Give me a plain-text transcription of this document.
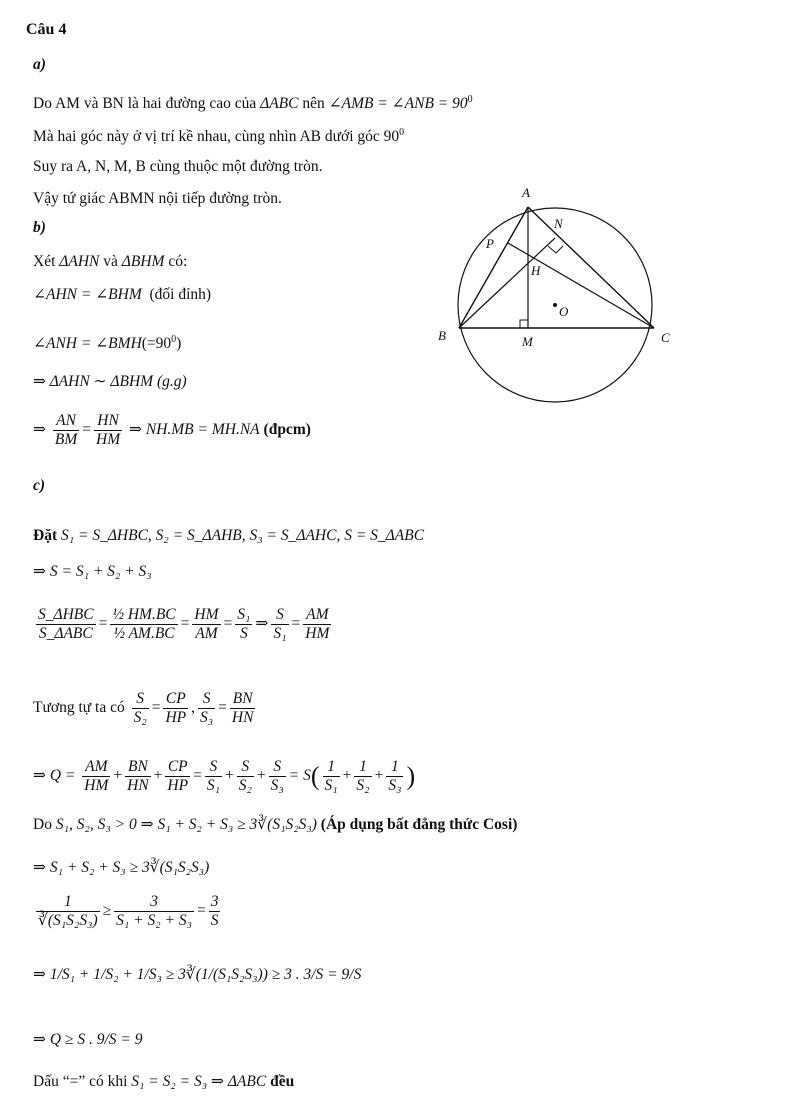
Câu 4
a)
Do AM và BN là hai đường cao của ΔABC nên ∠AMB = ∠ANB = $90^0$
Mà hai góc này ở vị trí kề nhau, cùng nhìn AB dưới góc $90^0$
Suy ra A, N, M, B cùng thuộc một đường tròn.
Vậy tứ giác ABMN nội tiếp đường tròn.
b)
Xét ΔAHN và ΔBHM có:
∠AHN = ∠BHM (đối đỉnh)
∠ANH = $\angle BMH(=90^0)$
⇒ ΔAHN ∼ ΔBHM (g.g)
⇒ $\frac{AN}{BM} = \frac{HN}{HM}$ ⇒ NH.MB = MH.NA (đpcm)
c)
Đặt S₁ = S_ΔHBC, S₂ = S_ΔAHB, S₃ = S_ΔAHC, S = S_ΔABC
⇒ S = S₁ + S₂ + S₃
$\frac{\text{S\_ΔHBC}}{\text{S\_ΔABC}} = \frac{\text{½ HM.BC}}{\text{½ AM.BC}} = \frac{HM}{AM} = \frac{\text{S₁}}{S}$ ⇒ $\frac{S}{\text{S₁}} = \frac{AM}{HM}$
Tương tự ta có $\frac{S}{\text{S₂}} = \frac{CP}{HP}$ , $\frac{S}{\text{S₃}} = \frac{BN}{HN}$
⇒ $Q = \frac{AM}{HM} + \frac{BN}{HN} + \frac{CP}{HP} = \frac{S}{\text{S₁}} + \frac{S}{\text{S₂}} + \frac{S}{\text{S₃}} = S( \frac{1}{\text{S₁}} + \frac{1}{\text{S₂}} + \frac{1}{\text{S₃}}$ )
Do S₁, S₂, S₃ > 0 ⇒ S₁ + S₂ + S₃ ≥ 3∛(S₁S₂S₃) (Áp dụng bất đẳng thức Cosi)
⇒ S₁ + S₂ + S₃ ≥ 3∛(S₁S₂S₃)
$\frac{1}{\text{∛(S₁S₂S₃)}} \ge \frac{3}{\text{S₁ + S₂ + S₃}} = \frac{3}{S}$
⇒ 1/S₁ + 1/S₂ + 1/S₃ ≥ 3∛(1/(S₁S₂S₃)) ≥ 3 . 3/S = 9/S
⇒ Q ≥ S . 9/S = 9
Dấu “=” có khi S₁ = S₂ = S₃ ⇒ ΔABC đều
A
B	C
M
N
P
H
O
